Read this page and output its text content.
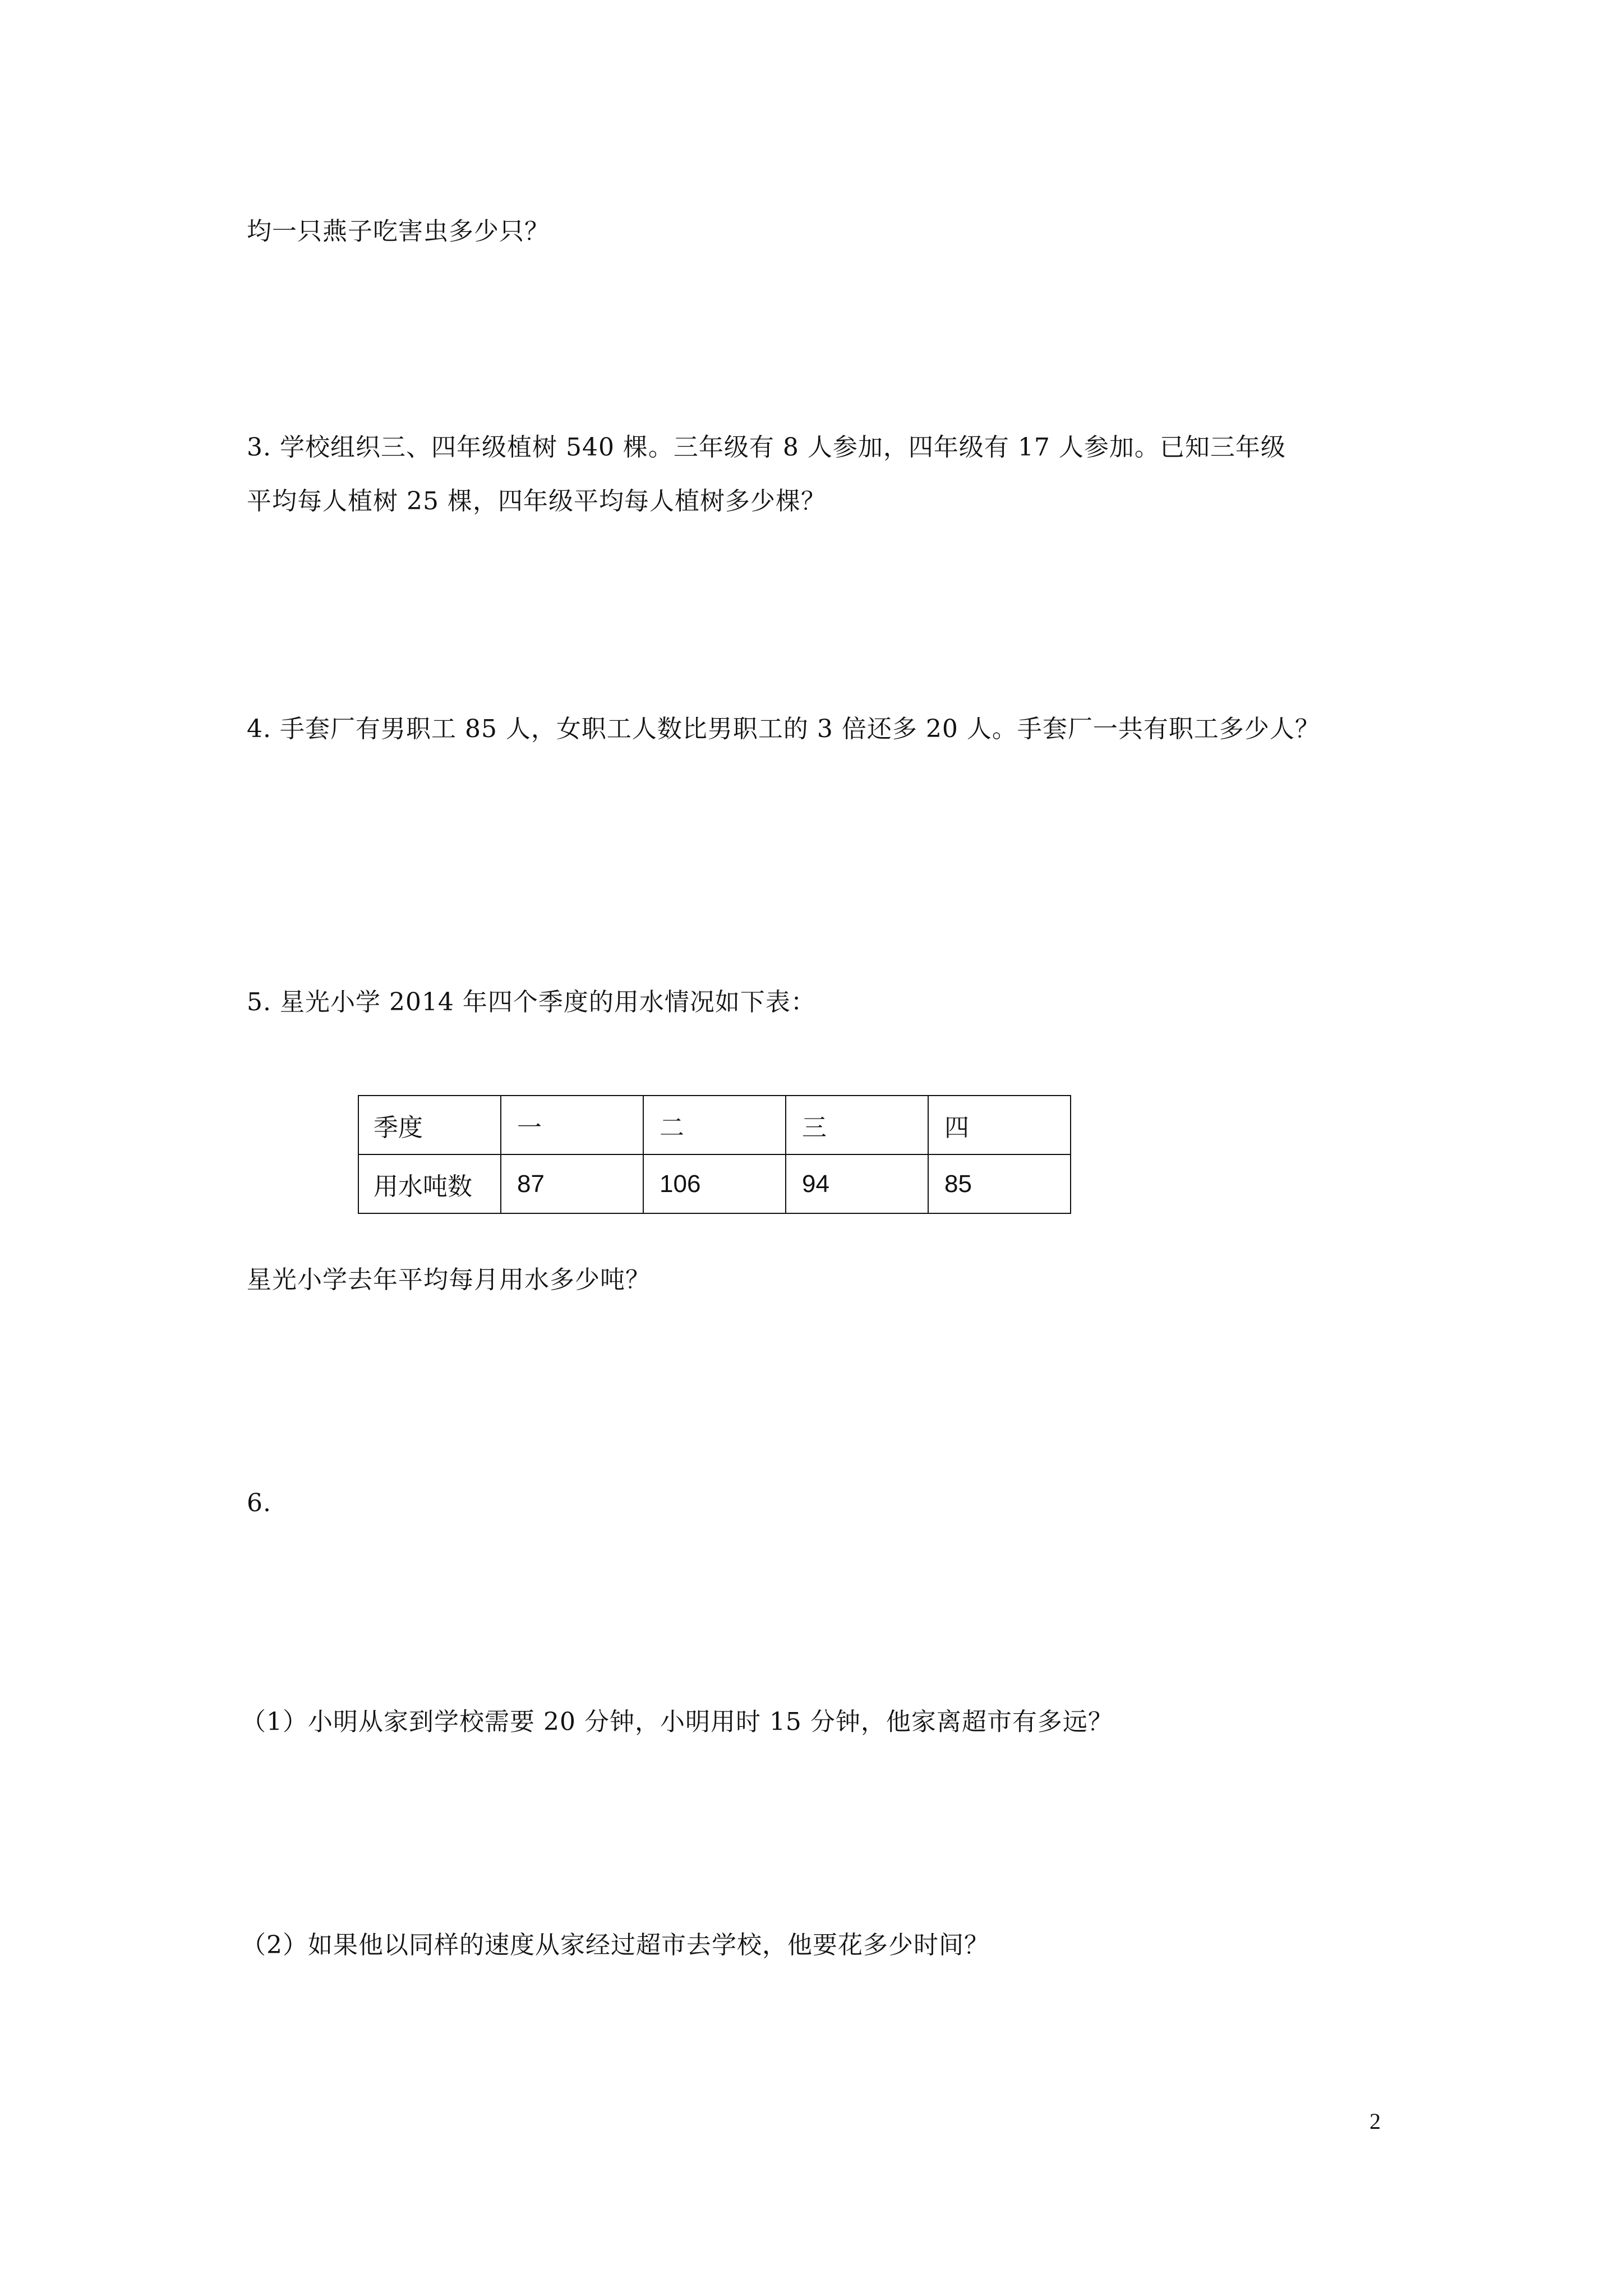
均一只燕子吃害虫多少只？
3. 学校组织三、四年级植树 540 棵。三年级有 8 人参加，四年级有 17 人参加。已知三年级
平均每人植树 25 棵，四年级平均每人植树多少棵？
4. 手套厂有男职工 85 人，女职工人数比男职工的 3 倍还多 20 人。手套厂一共有职工多少人？
5. 星光小学 2014 年四个季度的用水情况如下表：
季度	一	二	三	四
用水吨数	87	106	94	85
星光小学去年平均每月用水多少吨？
6.
（1）小明从家到学校需要 20 分钟，小明用时 15 分钟，他家离超市有多远？
（2）如果他以同样的速度从家经过超市去学校，他要花多少时间？
2
